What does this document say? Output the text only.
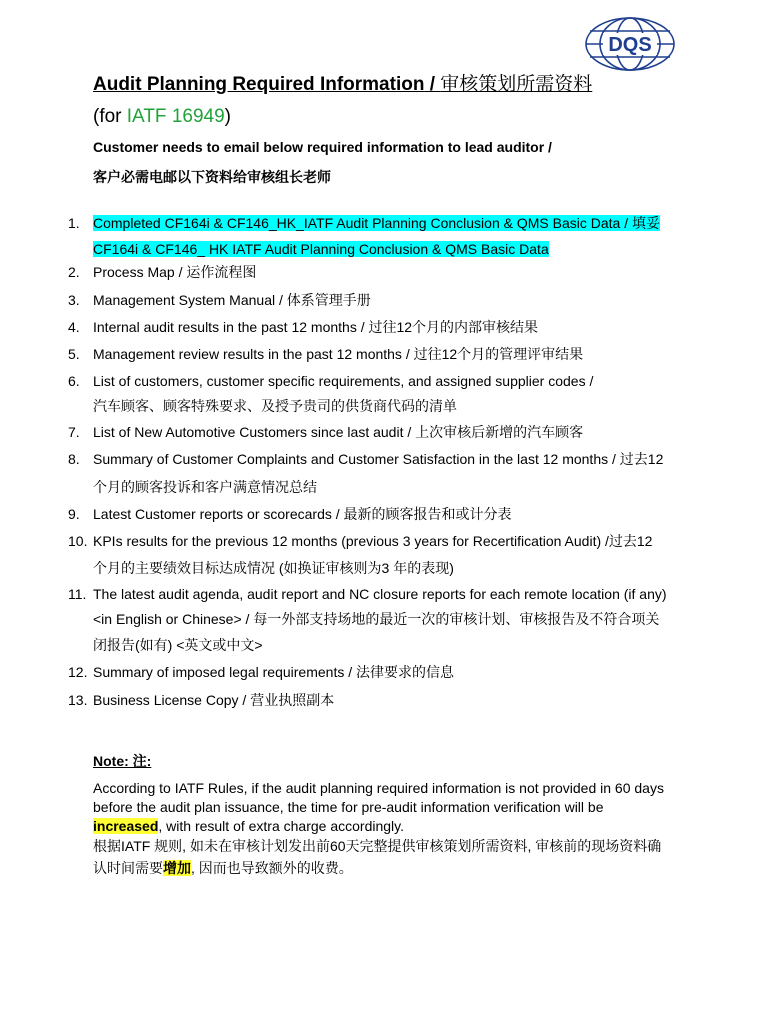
DQS
Audit Planning Required Information / 审核策划所需资料
(for IATF 16949)
Customer needs to email below required information to lead auditor /
客户必需电邮以下资料给审核组长老师
1. Completed CF164i & CF146_HK_IATF Audit Planning Conclusion & QMS Basic Data / 填妥
CF164i & CF146_ HK IATF Audit Planning Conclusion & QMS Basic Data
2. Process Map / 运作流程图
3. Management System Manual / 体系管理手册
4. Internal audit results in the past 12 months / 过往12个月的内部审核结果
5. Management review results in the past 12 months / 过往12个月的管理评审结果
6. List of customers, customer specific requirements, and assigned supplier codes /
汽车顾客、顾客特殊要求、及授予贵司的供货商代码的清单
7. List of New Automotive Customers since last audit / 上次审核后新增的汽车顾客
8. Summary of Customer Complaints and Customer Satisfaction in the last 12 months / 过去12
个月的顾客投诉和客户满意情况总结
9. Latest Customer reports or scorecards / 最新的顾客报告和或计分表
10. KPIs results for the previous 12 months (previous 3 years for Recertification Audit) /过去12
个月的主要绩效目标达成情况 (如换证审核则为3 年的表现)
11. The latest audit agenda, audit report and NC closure reports for each remote location (if any)
<in English or Chinese> / 每一外部支持场地的最近一次的审核计划、审核报告及不符合项关
闭报告(如有) <英文或中文>
12. Summary of imposed legal requirements / 法律要求的信息
13. Business License Copy / 营业执照副本
Note: 注:
According to IATF Rules, if the audit planning required information is not provided in 60 days
before the audit plan issuance, the time for pre-audit information verification will be
increased, with result of extra charge accordingly.
根据IATF 规则, 如未在审核计划发出前60天完整提供审核策划所需资料, 审核前的现场资料确
认时间需要增加, 因而也导致额外的收费。
